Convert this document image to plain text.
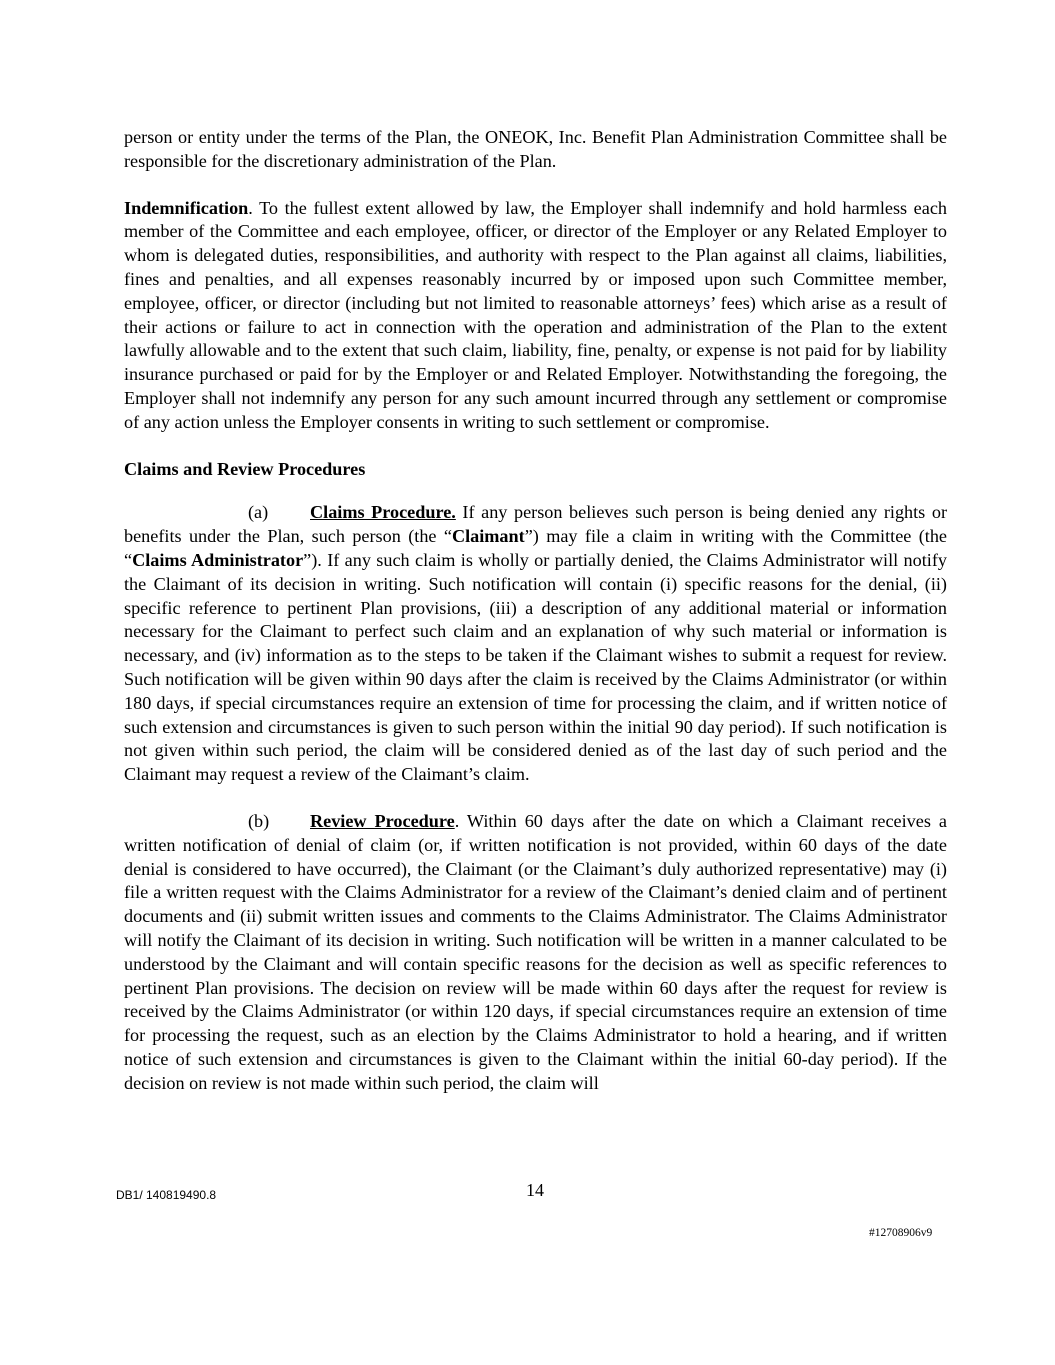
person or entity under the terms of the Plan, the ONEOK, Inc. Benefit Plan Administration Committee shall be responsible for the discretionary administration of the Plan.

Indemnification. To the fullest extent allowed by law, the Employer shall indemnify and hold harmless each member of the Committee and each employee, officer, or director of the Employer or any Related Employer to whom is delegated duties, responsibilities, and authority with respect to the Plan against all claims, liabilities, fines and penalties, and all expenses reasonably incurred by or imposed upon such Committee member, employee, officer, or director (including but not limited to reasonable attorneys’ fees) which arise as a result of their actions or failure to act in connection with the operation and administration of the Plan to the extent lawfully allowable and to the extent that such claim, liability, fine, penalty, or expense is not paid for by liability insurance purchased or paid for by the Employer or and Related Employer. Notwithstanding the foregoing, the Employer shall not indemnify any person for any such amount incurred through any settlement or compromise of any action unless the Employer consents in writing to such settlement or compromise.

Claims and Review Procedures

(a) Claims Procedure. If any person believes such person is being denied any rights or benefits under the Plan, such person (the “Claimant”) may file a claim in writing with the Committee (the “Claims Administrator”). If any such claim is wholly or partially denied, the Claims Administrator will notify the Claimant of its decision in writing. Such notification will contain (i) specific reasons for the denial, (ii) specific reference to pertinent Plan provisions, (iii) a description of any additional material or information necessary for the Claimant to perfect such claim and an explanation of why such material or information is necessary, and (iv) information as to the steps to be taken if the Claimant wishes to submit a request for review. Such notification will be given within 90 days after the claim is received by the Claims Administrator (or within 180 days, if special circumstances require an extension of time for processing the claim, and if written notice of such extension and circumstances is given to such person within the initial 90 day period). If such notification is not given within such period, the claim will be considered denied as of the last day of such period and the Claimant may request a review of the Claimant’s claim.

(b) Review Procedure. Within 60 days after the date on which a Claimant receives a written notification of denial of claim (or, if written notification is not provided, within 60 days of the date denial is considered to have occurred), the Claimant (or the Claimant’s duly authorized representative) may (i) file a written request with the Claims Administrator for a review of the Claimant’s denied claim and of pertinent documents and (ii) submit written issues and comments to the Claims Administrator. The Claims Administrator will notify the Claimant of its decision in writing. Such notification will be written in a manner calculated to be understood by the Claimant and will contain specific reasons for the decision as well as specific references to pertinent Plan provisions. The decision on review will be made within 60 days after the request for review is received by the Claims Administrator (or within 120 days, if special circumstances require an extension of time for processing the request, such as an election by the Claims Administrator to hold a hearing, and if written notice of such extension and circumstances is given to the Claimant within the initial 60-day period). If the decision on review is not made within such period, the claim will

DB1/ 140819490.8	14
#12708906v9
